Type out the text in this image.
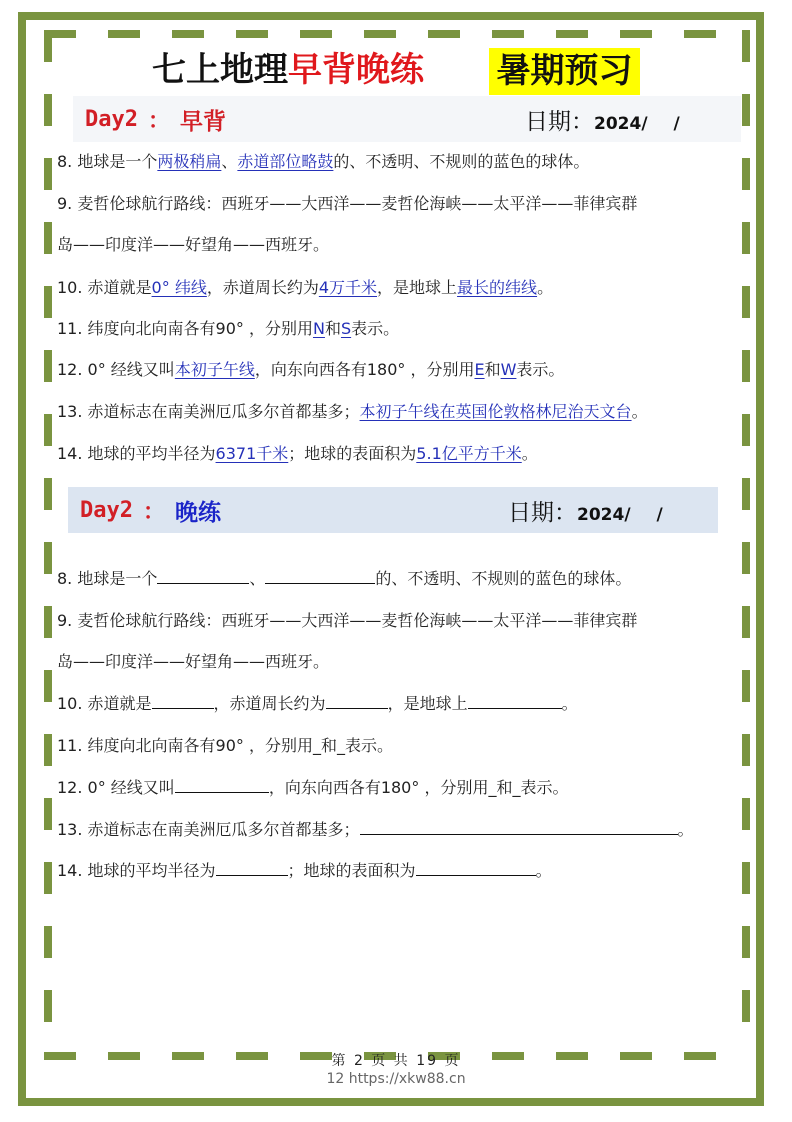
七上地理早背晚练 暑期预习
Day2 ： 早背	日期：2024/ /
8. 地球是一个两极稍扁、赤道部位略鼓的、不透明、不规则的蓝色的球体。
9. 麦哲伦球航行路线：西班牙——大西洋——麦哲伦海峡——太平洋——菲律宾群
岛——印度洋——好望角——西班牙。
10. 赤道就是0° 纬线，赤道周长约为4万千米，是地球上最长的纬线。
11. 纬度向北向南各有90° ，分别用N和S表示。
12. 0° 经线又叫本初子午线，向东向西各有180° ，分别用E和W表示。
13. 赤道标志在南美洲厄瓜多尔首都基多；本初子午线在英国伦敦格林尼治天文台。
14. 地球的平均半径为6371千米；地球的表面积为5.1亿平方千米。
Day2 ： 晚练	日期：2024/ /
8. 地球是一个	、	的、不透明、不规则的蓝色的球体。
9. 麦哲伦球航行路线：西班牙——大西洋——麦哲伦海峡——太平洋——菲律宾群
岛——印度洋——好望角——西班牙。
10. 赤道就是	，赤道周长约为	，是地球上	。
11. 纬度向北向南各有90° ，分别用_和_表示。
12. 0° 经线又叫	，向东向西各有180° ，分别用_和_表示。
13. 赤道标志在南美洲厄瓜多尔首都基多；	。
14. 地球的平均半径为	；地球的表面积为	。
第 2 页 共 19 页
12 https://xkw88.cn
